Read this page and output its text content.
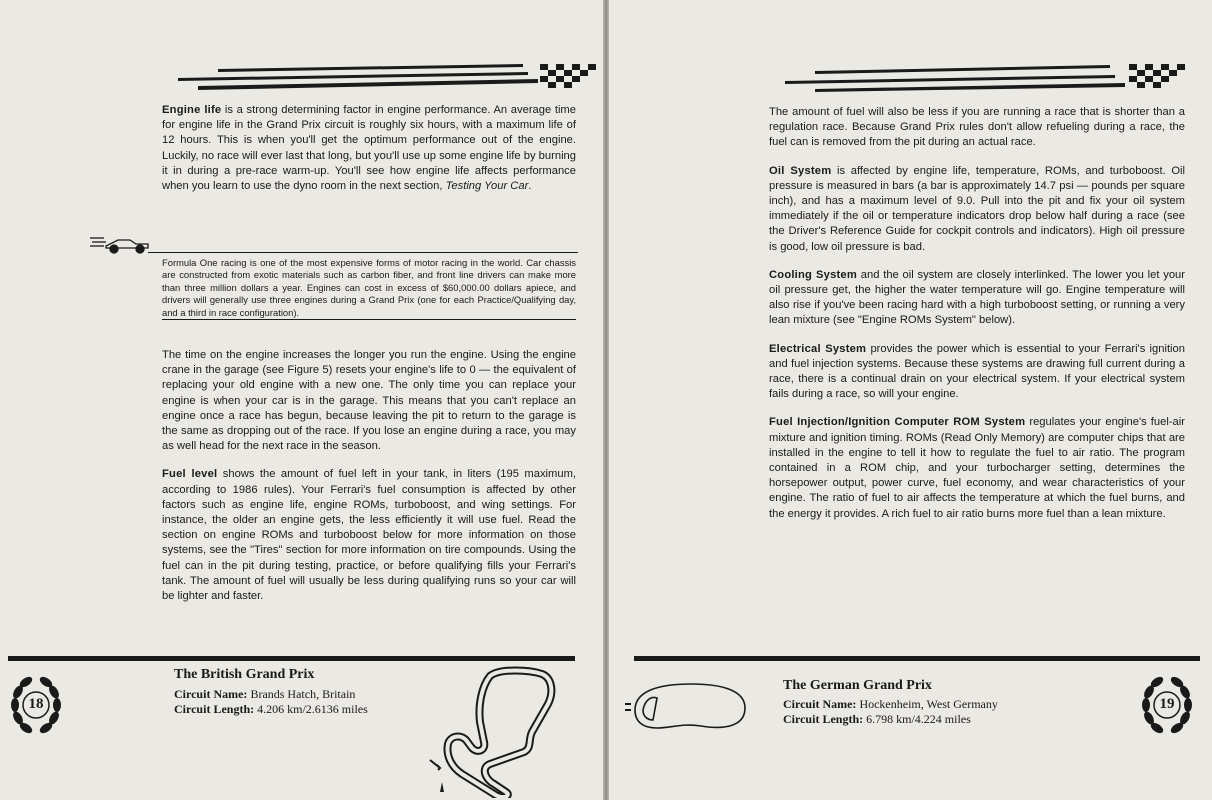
Engine life is a strong determining factor in engine performance. An average time for engine life in the Grand Prix circuit is roughly six hours, with a maximum life of 12 hours. This is when you'll get the optimum performance out of the engine. Luckily, no race will ever last that long, but you'll use up some engine life by burning it in during a pre-race warm-up. You'll see how engine life affects performance when you learn to use the dyno room in the next section, Testing Your Car.

Formula One racing is one of the most expensive forms of motor racing in the world. Car chassis are constructed from exotic materials such as carbon fiber, and front line drivers can make more than three million dollars a year. Engines can cost in excess of $60,000.00 dollars apiece, and drivers will generally use three engines during a Grand Prix (one for each Practice/Qualifying day, and a third in race configuration).

The time on the engine increases the longer you run the engine. Using the engine crane in the garage (see Figure 5) resets your engine's life to 0 — the equivalent of replacing your old engine with a new one. The only time you can replace your engine is when your car is in the garage. This means that you can't replace an engine once a race has begun, because leaving the pit to return to the garage is the same as dropping out of the race. If you lose an engine during a race, you may as well head for the next race in the season.

Fuel level shows the amount of fuel left in your tank, in liters (195 maximum, according to 1986 rules). Your Ferrari's fuel consumption is affected by other factors such as engine life, engine ROMs, turboboost, and wing settings. For instance, the older an engine gets, the less efficiently it will use fuel. Read the section on engine ROMs and turboboost below for more information on those systems, see the "Tires" section for more information on tire compounds. Using the fuel can in the pit during testing, practice, or before qualifying fills your Ferrari's tank. The amount of fuel will usually be less during qualifying runs so your car will be lighter and faster.

18
The British Grand Prix
Circuit Name: Brands Hatch, Britain
Circuit Length: 4.206 km/2.6136 miles

The amount of fuel will also be less if you are running a race that is shorter than a regulation race. Because Grand Prix rules don't allow refueling during a race, the fuel can is removed from the pit during an actual race.

Oil System is affected by engine life, temperature, ROMs, and turboboost. Oil pressure is measured in bars (a bar is approximately 14.7 psi — pounds per square inch), and has a maximum level of 9.0. Pull into the pit and fix your oil system immediately if the oil or temperature indicators drop below half during a race (see the Driver's Reference Guide for cockpit controls and indicators). High oil pressure is good, low oil pressure is bad.

Cooling System and the oil system are closely interlinked. The lower you let your oil pressure get, the higher the water temperature will go. Engine temperature will also rise if you've been racing hard with a high turboboost setting, or running a very lean mixture (see "Engine ROMs System" below).

Electrical System provides the power which is essential to your Ferrari's ignition and fuel injection systems. Because these systems are drawing full current during a race, there is a continual drain on your electrical system. If your electrical system fails during a race, so will your engine.

Fuel Injection/Ignition Computer ROM System regulates your engine's fuel-air mixture and ignition timing. ROMs (Read Only Memory) are computer chips that are installed in the engine to tell it how to regulate the fuel to air ratio. The program contained in a ROM chip, and your turbocharger setting, determines the horsepower output, power curve, fuel economy, and wear characteristics of your engine. The ratio of fuel to air affects the temperature at which the fuel burns, and the energy it provides. A rich fuel to air ratio burns more fuel than a lean mixture.

The German Grand Prix
Circuit Name: Hockenheim, West Germany
Circuit Length: 6.798 km/4.224 miles
19
